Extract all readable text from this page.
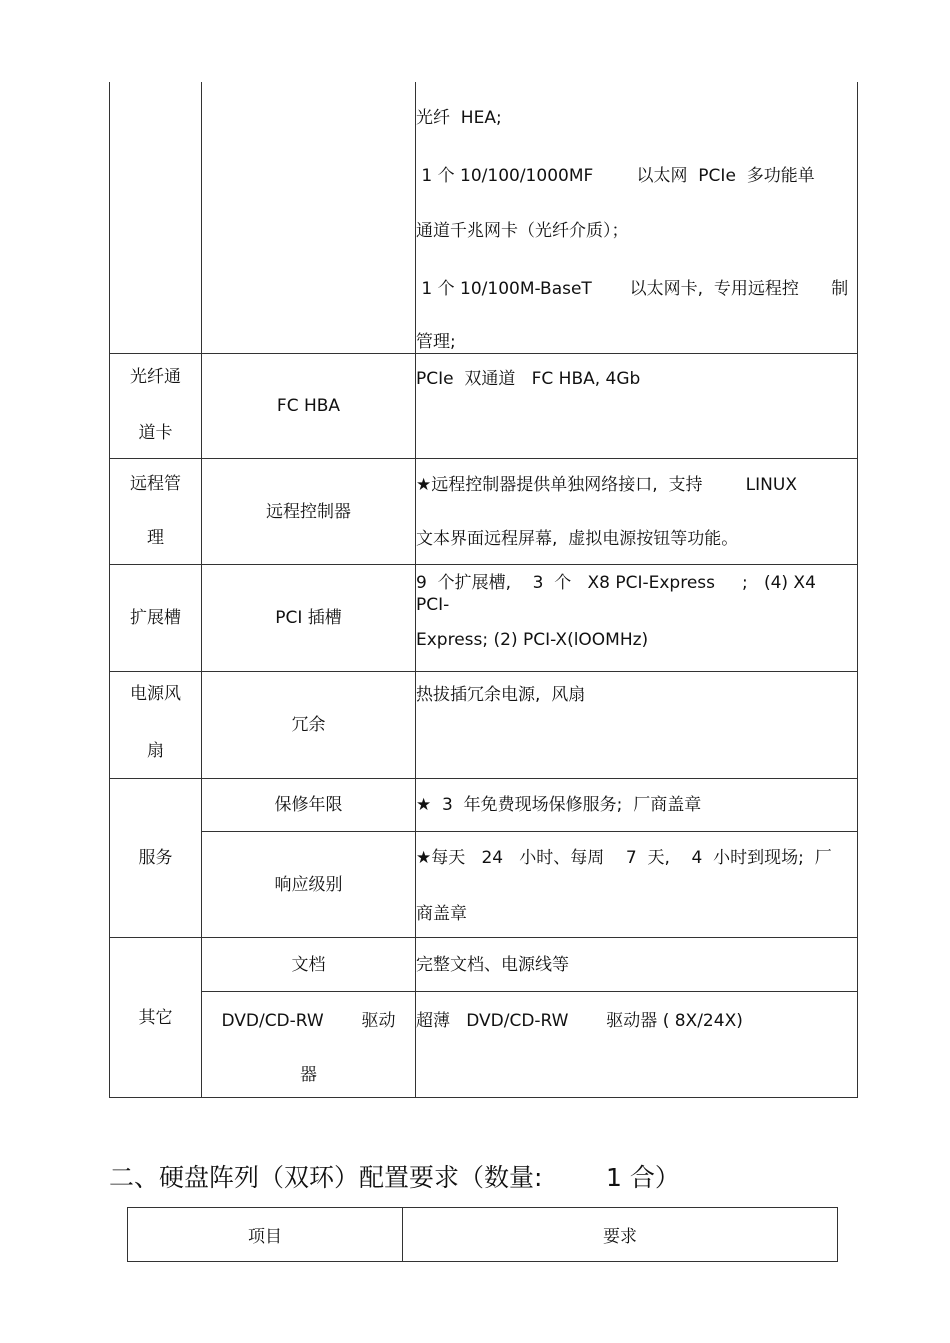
		光纤  HEA;
1 个 10/100/1000MF        以太网  PCIe  多功能单
通道千兆网卡（光纤介质）；
1 个 10/100M-BaseT       以太网卡,  专用远程控      制
管理;

光纤通
道卡	FC HBA	PCIe  双通道   FC HBA, 4Gb

远程管
理	远程控制器	★远程控制器提供单独网络接口,  支持        LINUX
文本界面远程屏幕,  虚拟电源按钮等功能。

扩展槽	PCI 插槽	9  个扩展槽,    3  个   X8 PCI-Express     ;   (4) X4
PCI-
Express; (2) PCI-X(lOOMHz)

电源风
扇	冗余	热拔插冗余电源,  风扇

服务	保修年限	★  3  年免费现场保修服务;  厂商盖章

	响应级别	★每天   24   小时、每周    7  天,    4  小时到现场;  厂
商盖章

其它	文档	完整文档、电源线等

	DVD/CD-RW       驱动
器	超薄   DVD/CD-RW       驱动器 ( 8X/24X)
二、硬盘阵列（双环）配置要求（数量:        1 合）
项目	要求
